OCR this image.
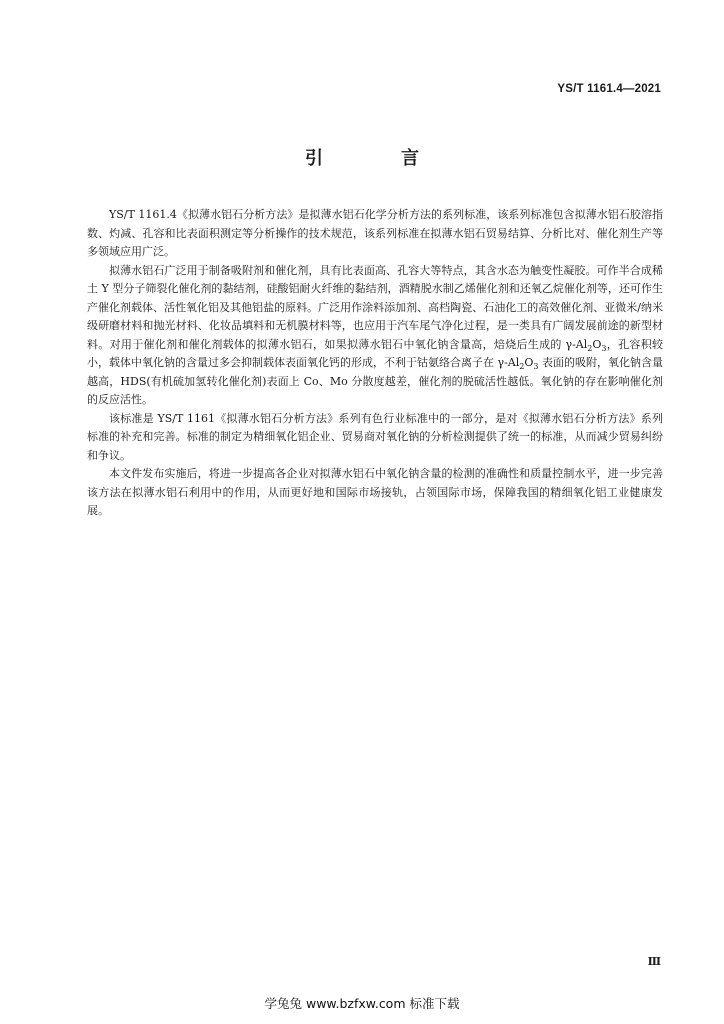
YS/T 1161.4—2021
引　言

YS/T 1161.4《拟薄水铝石分析方法》是拟薄水铝石化学分析方法的系列标准，该系列标准包含拟薄水铝石胶溶指数、灼减、孔容和比表面积测定等分析操作的技术规范，该系列标准在拟薄水铝石贸易结算、分析比对、催化剂生产等多领域应用广泛。

拟薄水铝石广泛用于制备吸附剂和催化剂，具有比表面高、孔容大等特点，其含水态为触变性凝胶。可作半合成稀土 Y 型分子筛裂化催化剂的黏结剂，硅酸铝耐火纤维的黏结剂，酒精脱水制乙烯催化剂和还氧乙烷催化剂等，还可作生产催化剂载体、活性氧化铝及其他铝盐的原料。广泛用作涂料添加剂、高档陶瓷、石油化工的高效催化剂、亚微米/纳米级研磨材料和抛光材料、化妆品填料和无机膜材料等，也应用于汽车尾气净化过程，是一类具有广阔发展前途的新型材料。对用于催化剂和催化剂载体的拟薄水铝石，如果拟薄水铝石中氧化钠含量高，焙烧后生成的 $\gamma-Al_2O_3$，孔容积较小，载体中氧化钠的含量过多会抑制载体表面氧化钙的形成，不利于钴氨络合离子在 $\gamma-Al_2O_3$ 表面的吸附，氧化钠含量越高，HDS(有机硫加氢转化催化剂)表面上 Co、Mo 分散度越差，催化剂的脱硫活性越低。氧化钠的存在影响催化剂的反应活性。

该标准是 YS/T 1161《拟薄水铝石分析方法》系列有色行业标准中的一部分，是对《拟薄水铝石分析方法》系列标准的补充和完善。标准的制定为精细氧化铝企业、贸易商对氧化钠的分析检测提供了统一的标准，从而减少贸易纠纷和争议。

本文件发布实施后，将进一步提高各企业对拟薄水铝石中氧化钠含量的检测的准确性和质量控制水平，进一步完善该方法在拟薄水铝石利用中的作用，从而更好地和国际市场接轨，占领国际市场，保障我国的精细氧化铝工业健康发展。

Ⅲ
学兔兔 www.bzfxw.com 标准下载
